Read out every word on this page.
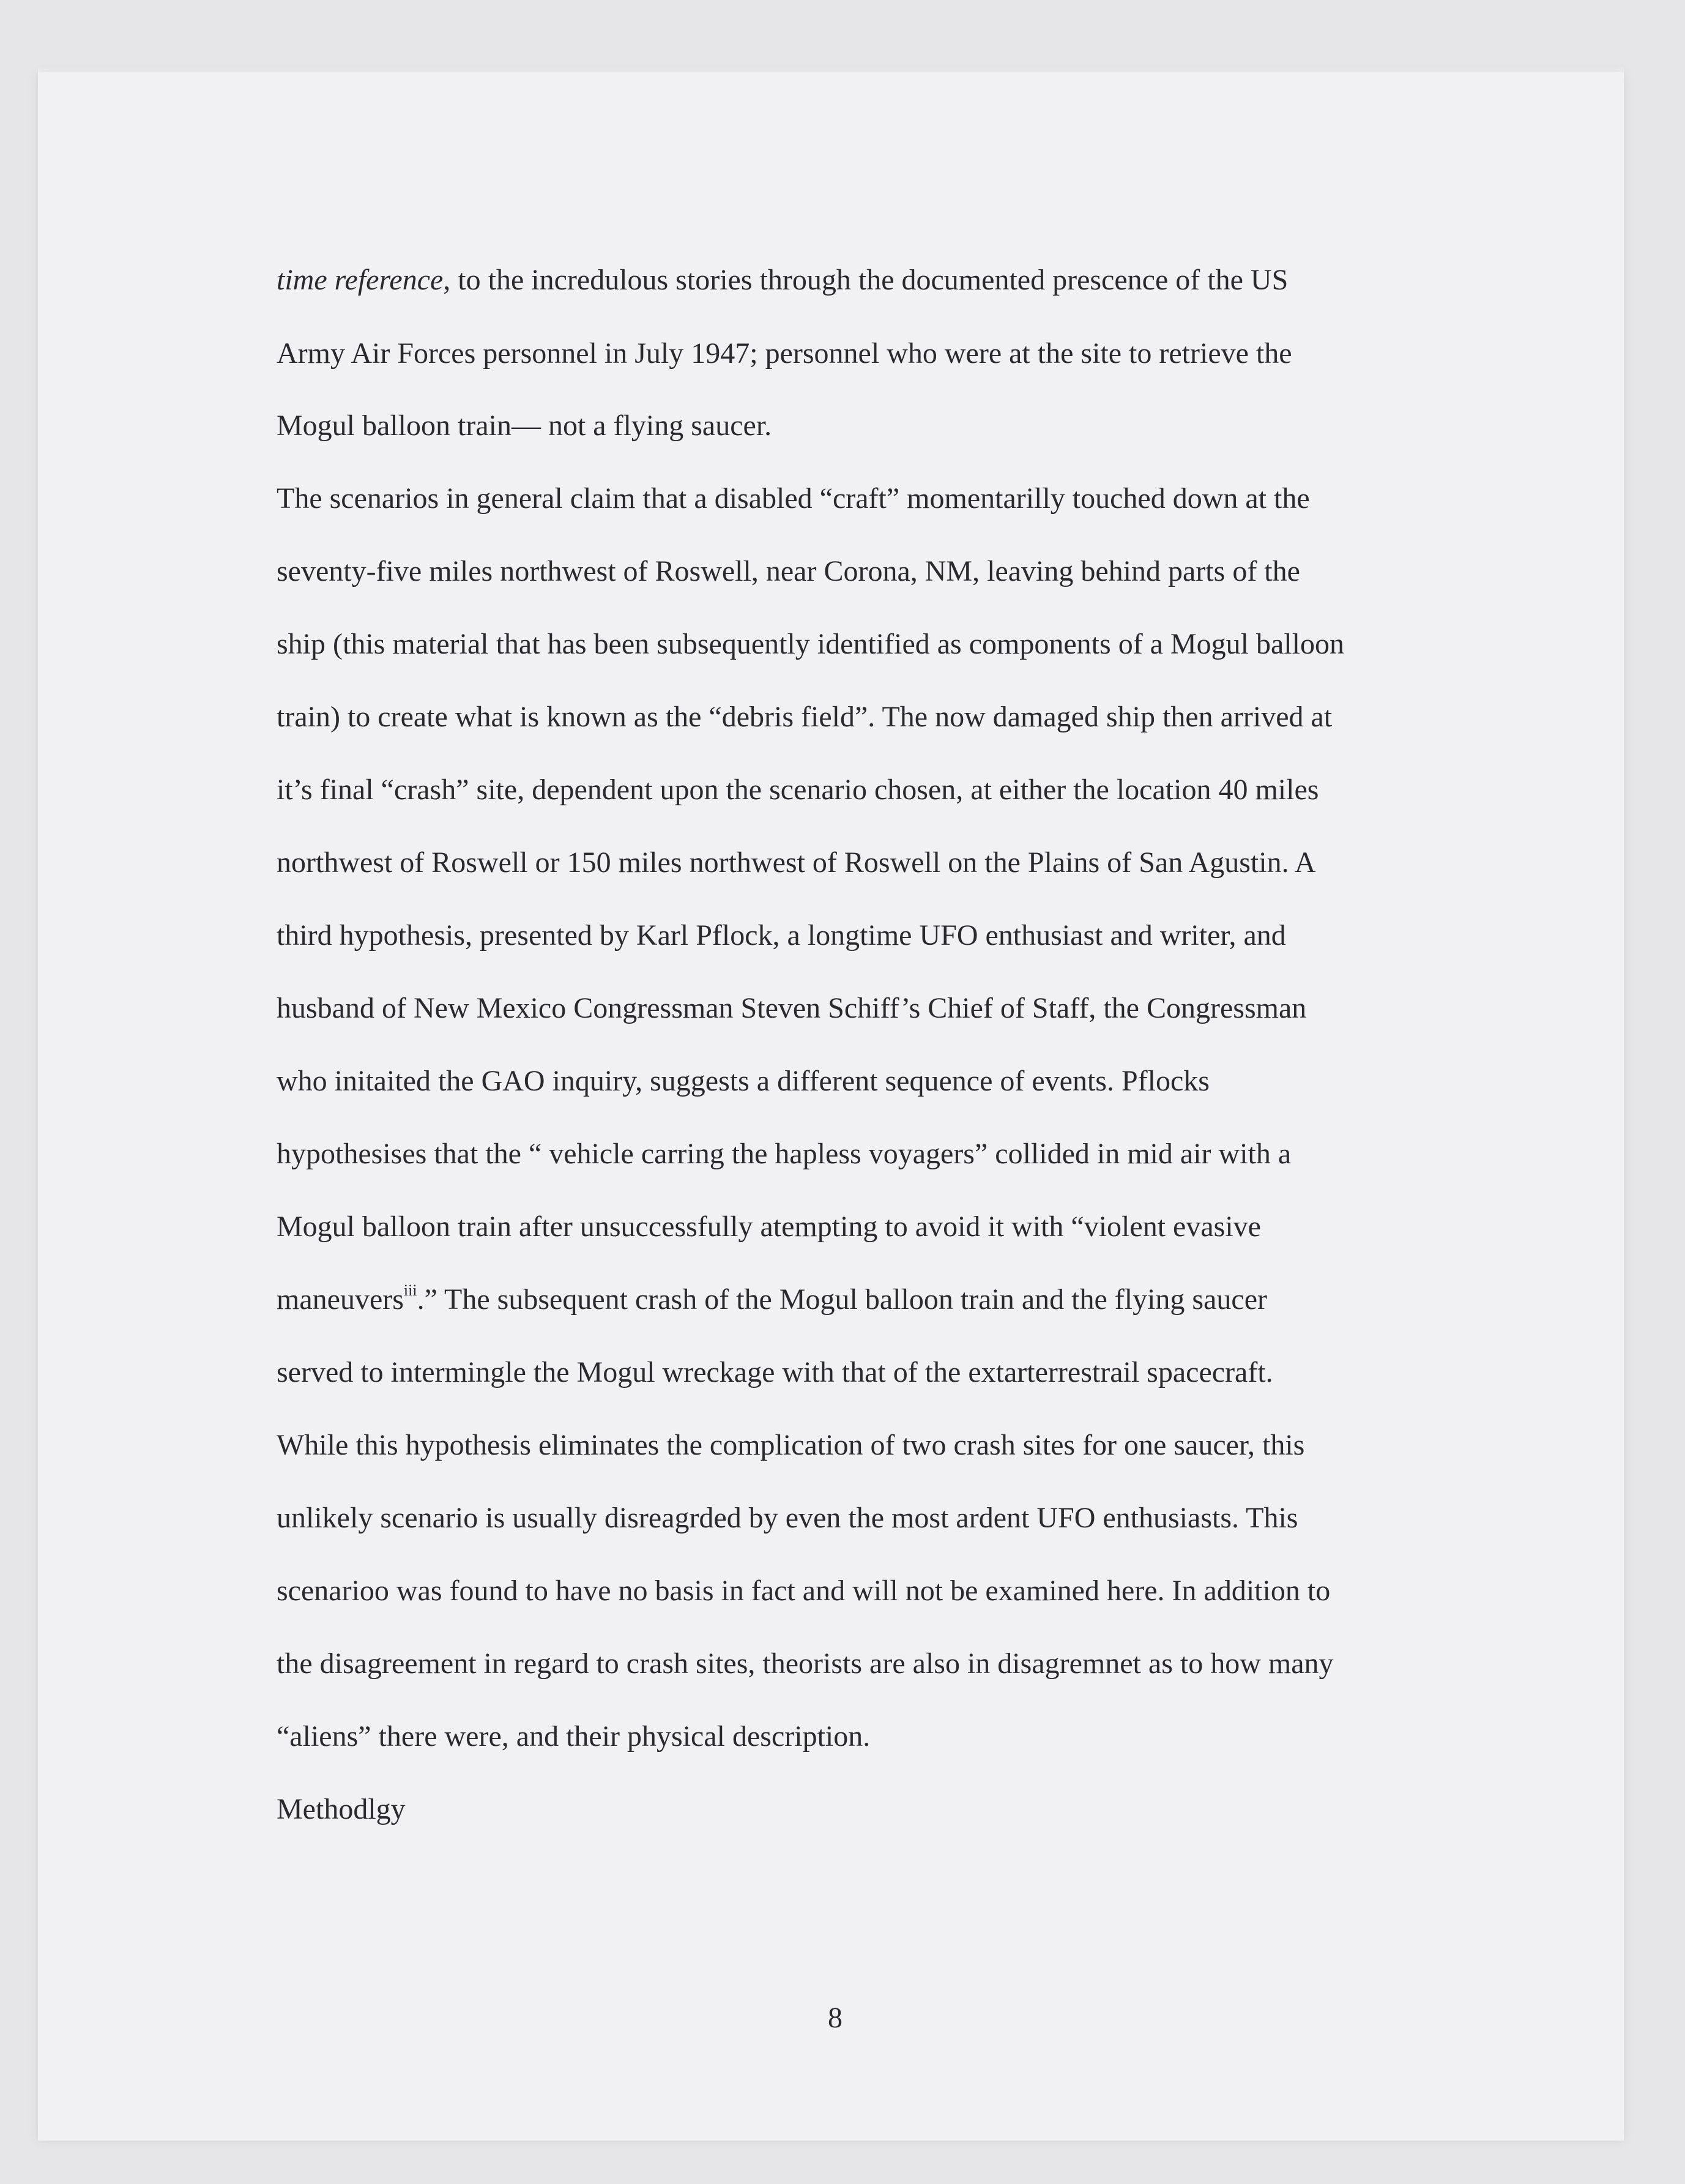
time reference, to the incredulous stories through the documented prescence of the US
Army Air Forces personnel in July 1947; personnel who were at the site to retrieve the
Mogul balloon train— not a flying saucer.
The scenarios in general claim that a disabled “craft” momentarilly touched down at the
seventy-five miles northwest of Roswell, near Corona, NM, leaving behind parts of the
ship (this material that has been subsequently identified as components of a Mogul balloon
train) to create what is known as the “debris field”. The now damaged ship then arrived at
it’s final “crash” site, dependent upon the scenario chosen, at either the location 40 miles
northwest of Roswell or 150 miles northwest of Roswell on the Plains of San Agustin. A
third hypothesis, presented by Karl Pflock, a longtime UFO enthusiast and writer, and
husband of New Mexico Congressman Steven Schiff’s Chief of Staff, the Congressman
who initaited the GAO inquiry, suggests a different sequence of events. Pflocks
hypothesises that the “ vehicle carring the hapless voyagers” collided in mid air with a
Mogul balloon train after unsuccessfully atempting to avoid it with “violent evasive
maneuvers$^{iii}$.” The subsequent crash of the Mogul balloon train and the flying saucer
served to intermingle the Mogul wreckage with that of the extarterrestrail spacecraft.
While this hypothesis eliminates the complication of two crash sites for one saucer, this
unlikely scenario is usually disreagrded by even the most ardent UFO enthusiasts. This
scenarioo was found to have no basis in fact and will not be examined here. In addition to
the disagreement in regard to crash sites, theorists are also in disagremnet as to how many
“aliens” there were, and their physical description.
Methodlgy
8
